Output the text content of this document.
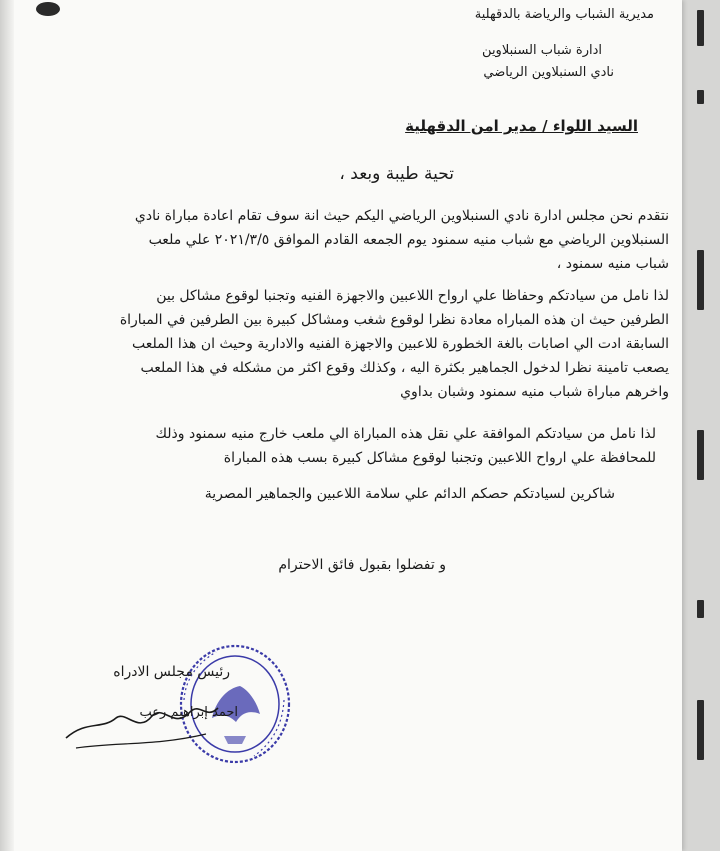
مديرية الشباب والرياضة بالدقهلية
ادارة شباب السنبلاوين
نادي السنبلاوين الرياضي
السيد اللواء / مدير امن الدقهلية
تحية طيبة وبعد ،
نتقدم نحن مجلس ادارة نادي السنبلاوين الرياضي اليكم حيث انة سوف تقام اعادة مباراة نادي
السنبلاوين الرياضي مع شباب منيه سمنود يوم الجمعه القادم الموافق ٢٠٢١/٣/٥ علي ملعب
شباب منيه سمنود ،
لذا نامل من سيادتكم وحفاظا علي ارواح اللاعبين والاجهزة الفنيه وتجنبا لوقوع مشاكل بين
الطرفين حيث ان هذه المباراه معادة نظرا لوقوع شغب ومشاكل كبيرة بين الطرفين في المباراة
السابقة ادت الي اصابات بالغة الخطورة للاعبين والاجهزة الفنيه والادارية وحيث ان هذا الملعب
يصعب تامينة نظرا لدخول الجماهير بكثرة اليه ، وكذلك وقوع اكثر من مشكله في هذا الملعب
واخرهم مباراة شباب منيه سمنود وشبان بداوي
لذا نامل من سيادتكم الموافقة علي نقل هذه المباراة الي ملعب خارج منيه سمنود وذلك
للمحافظة علي ارواح اللاعبين وتجنبا لوقوع مشاكل كبيرة بسب هذه المباراة
شاكرين لسيادتكم حصكم الدائم علي سلامة اللاعبين والجماهير المصرية
و تفضلوا بقبول فائق الاحترام
رئيس مجلس الادراه
احمد إبراهيم رعب
